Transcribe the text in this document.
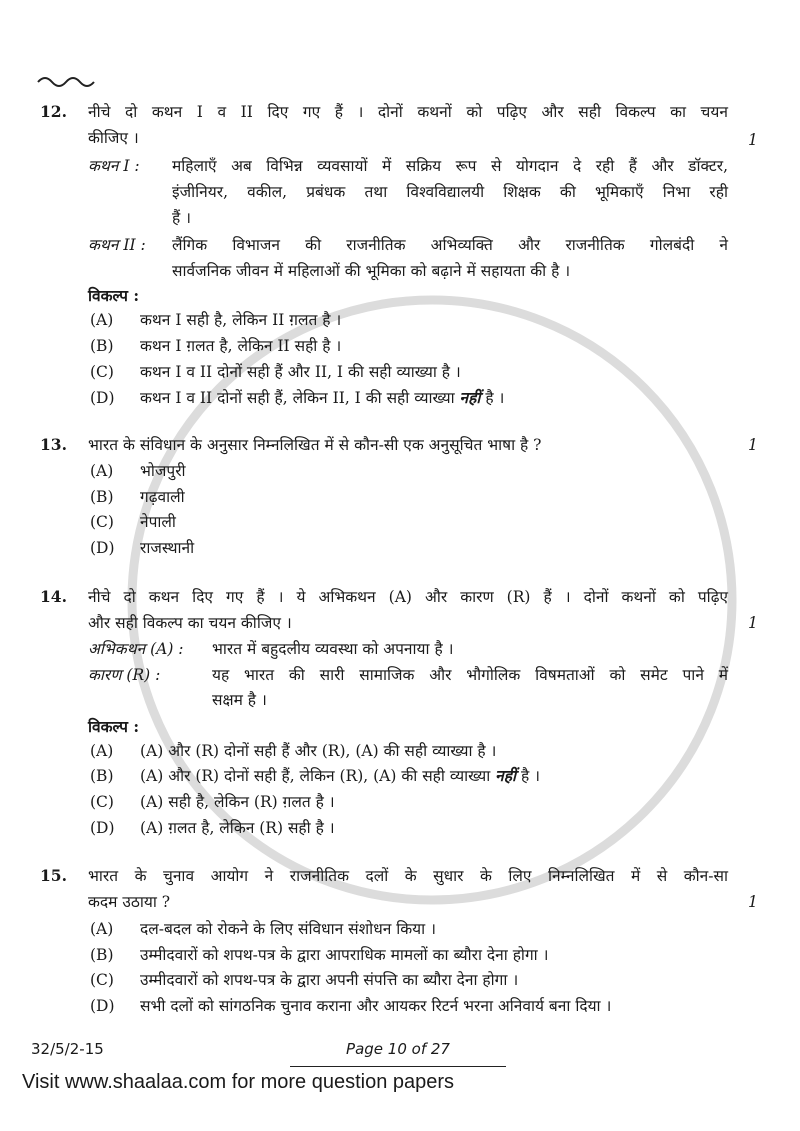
12.
1
नीचे दो कथन I व II दिए गए हैं । दोनों कथनों को पढ़िए और सही विकल्प का चयन
कीजिए ।
कथन I : महिलाएँ अब विभिन्न व्यवसायों में सक्रिय रूप से योगदान दे रही हैं और डॉक्टर,
इंजीनियर, वकील, प्रबंधक तथा विश्वविद्यालयी शिक्षक की भूमिकाएँ निभा रही
हैं ।
कथन II : लैंगिक विभाजन की राजनीतिक अभिव्यक्ति और राजनीतिक गोलबंदी ने
सार्वजनिक जीवन में महिलाओं की भूमिका को बढ़ाने में सहायता की है ।
विकल्प :
(A) कथन I सही है, लेकिन II ग़लत है ।
(B) कथन I ग़लत है, लेकिन II सही है ।
(C) कथन I व II दोनों सही हैं और II, I की सही व्याख्या है ।
(D) कथन I व II दोनों सही हैं, लेकिन II, I की सही व्याख्या नहीं है ।
13.	1
भारत के संविधान के अनुसार निम्नलिखित में से कौन-सी एक अनुसूचित भाषा है ?
(A) भोजपुरी
(B) गढ़वाली
(C) नेपाली
(D) राजस्थानी
14.
1
नीचे दो कथन दिए गए हैं । ये अभिकथन (A) और कारण (R) हैं । दोनों कथनों को पढ़िए
और सही विकल्प का चयन कीजिए ।
अभिकथन (A) : भारत में बहुदलीय व्यवस्था को अपनाया है ।
कारण (R) :	यह भारत की सारी सामाजिक और भौगोलिक विषमताओं को समेट पाने में
सक्षम है ।
विकल्प :
(A) (A) और (R) दोनों सही हैं और (R), (A) की सही व्याख्या है ।
(B) (A) और (R) दोनों सही हैं, लेकिन (R), (A) की सही व्याख्या नहीं है ।
(C) (A) सही है, लेकिन (R) ग़लत है ।
(D) (A) ग़लत है, लेकिन (R) सही है ।
15.
1
भारत के चुनाव आयोग ने राजनीतिक दलों के सुधार के लिए निम्नलिखित में से कौन-सा
कदम उठाया ?
(A) दल-बदल को रोकने के लिए संविधान संशोधन किया ।
(B) उम्मीदवारों को शपथ-पत्र के द्वारा आपराधिक मामलों का ब्यौरा देना होगा ।
(C) उम्मीदवारों को शपथ-पत्र के द्वारा अपनी संपत्ति का ब्यौरा देना होगा ।
(D) सभी दलों को सांगठनिक चुनाव कराना और आयकर रिटर्न भरना अनिवार्य बना दिया ।
32/5/2-15	Page 10 of 27
Visit www.shaalaa.com for more question papers
